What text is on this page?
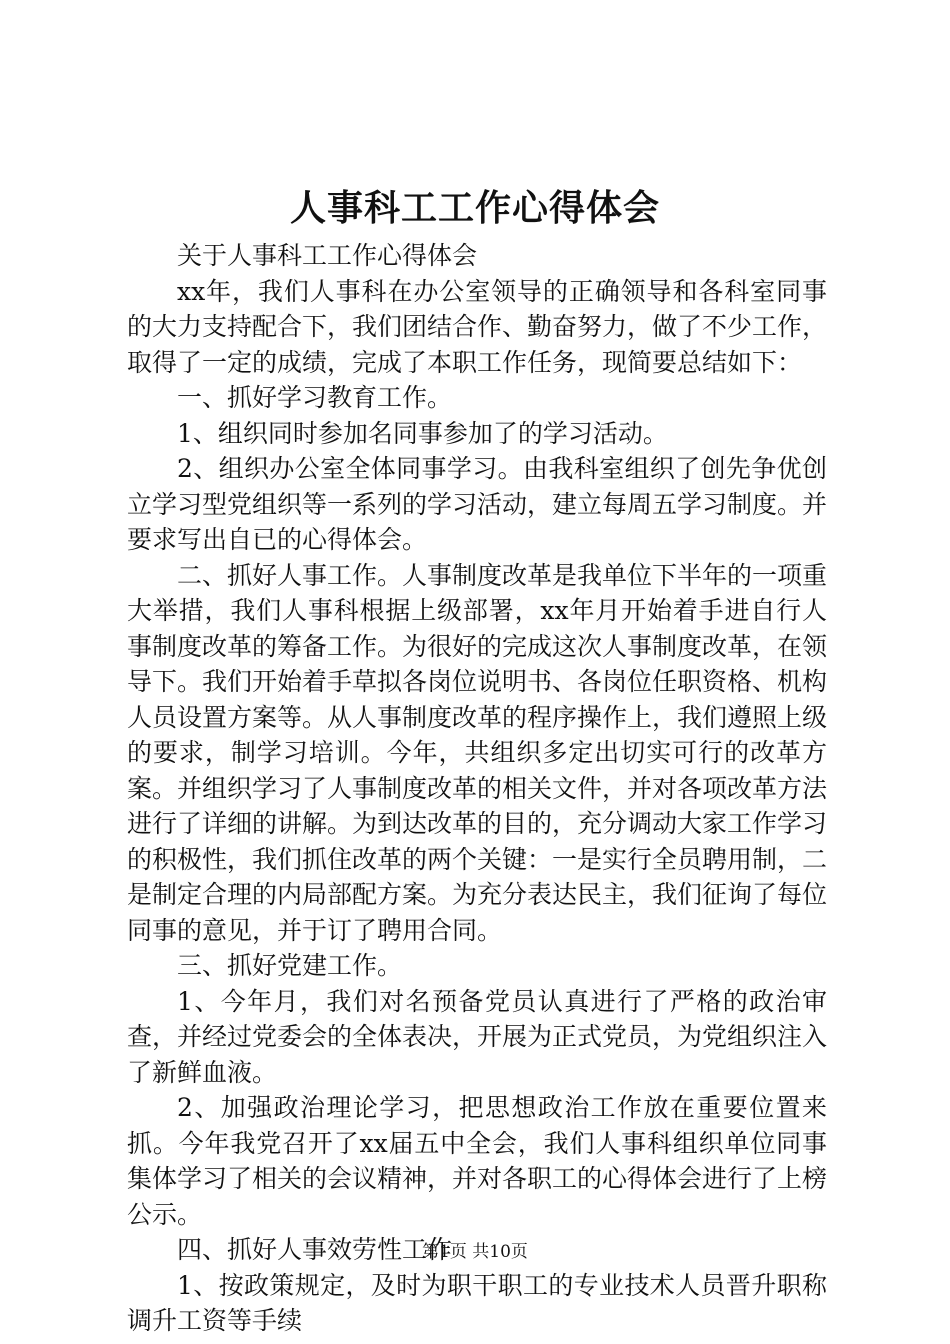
人事科工工作心得体会

关于人事科工工作心得体会

xx年，我们人事科在办公室领导的正确领导和各科室同事的大力支持配合下，我们团结合作、勤奋努力，做了不少工作，取得了一定的成绩，完成了本职工作任务，现简要总结如下：

一、抓好学习教育工作。

1、组织同时参加名同事参加了的学习活动。

2、组织办公室全体同事学习。由我科室组织了创先争优创立学习型党组织等一系列的学习活动，建立每周五学习制度。并要求写出自已的心得体会。

二、抓好人事工作。人事制度改革是我单位下半年的一项重大举措，我们人事科根据上级部署，xx年月开始着手进自行人事制度改革的筹备工作。为很好的完成这次人事制度改革，在领导下。我们开始着手草拟各岗位说明书、各岗位任职资格、机构人员设置方案等。从人事制度改革的程序操作上，我们遵照上级的要求，制学习培训。今年，共组织多定出切实可行的改革方案。并组织学习了人事制度改革的相关文件，并对各项改革方法进行了详细的讲解。为到达改革的目的，充分调动大家工作学习的积极性，我们抓住改革的两个关键：一是实行全员聘用制，二是制定合理的内局部配方案。为充分表达民主，我们征询了每位同事的意见，并于订了聘用合同。

三、抓好党建工作。

1、今年月，我们对名预备党员认真进行了严格的政治审查，并经过党委会的全体表决，开展为正式党员，为党组织注入了新鲜血液。

2、加强政治理论学习，把思想政治工作放在重要位置来抓。今年我党召开了xx届五中全会，我们人事科组织单位同事集体学习了相关的会议精神，并对各职工的心得体会进行了上榜公示。

四、抓好人事效劳性工作

1、按政策规定，及时为职干职工的专业技术人员晋升职称调升工资等手续

第1页 共10页
